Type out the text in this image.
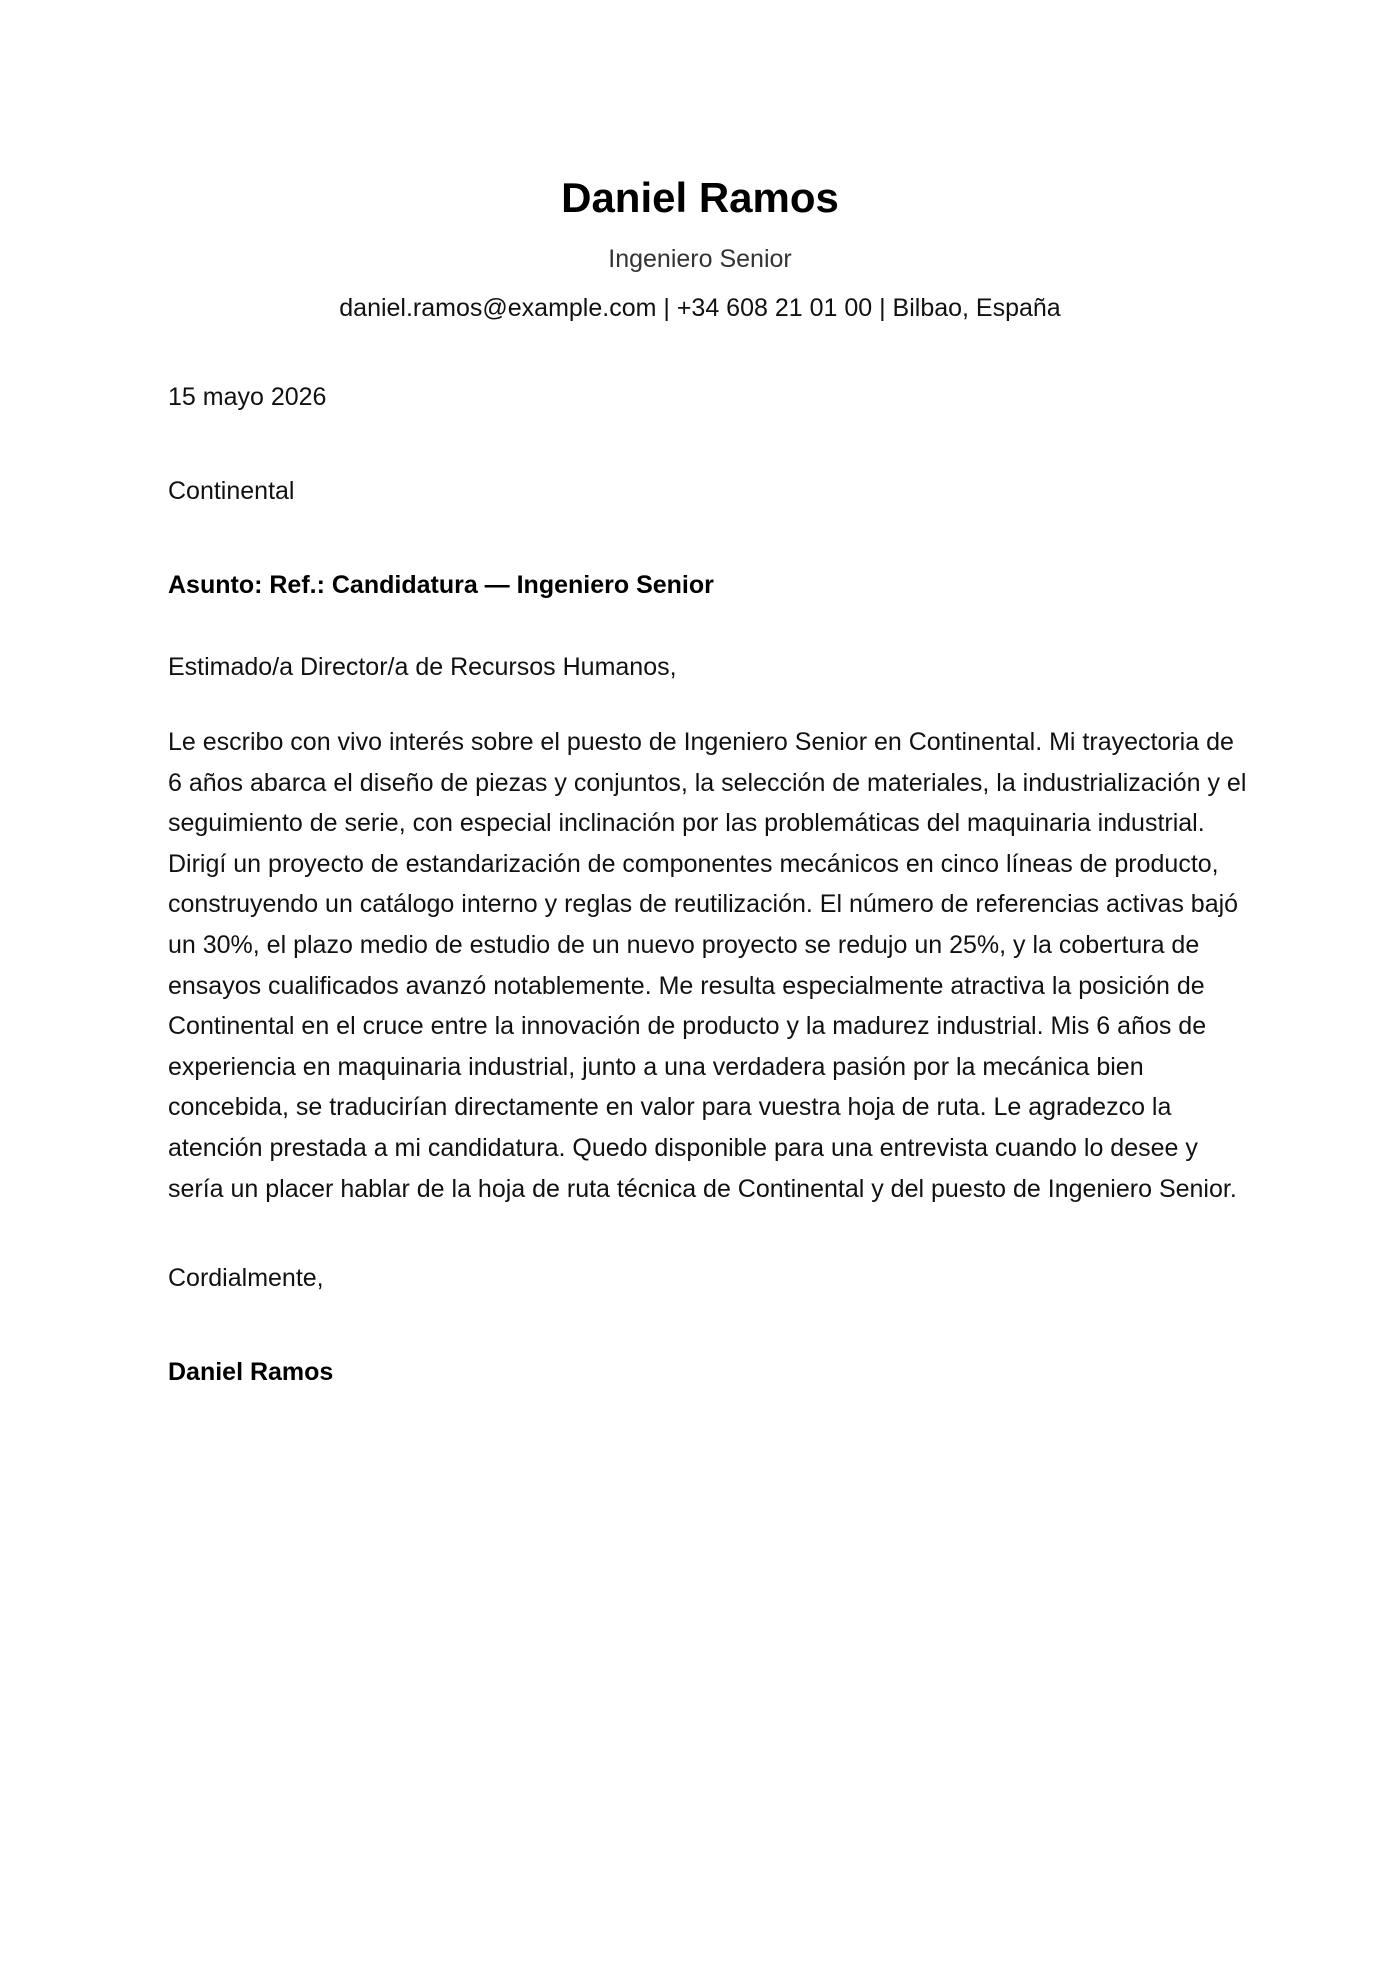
Daniel Ramos
Ingeniero Senior
daniel.ramos@example.com | +34 608 21 01 00 | Bilbao, España
15 mayo 2026
Continental
Asunto: Ref.: Candidatura — Ingeniero Senior
Estimado/a Director/a de Recursos Humanos,
Le escribo con vivo interés sobre el puesto de Ingeniero Senior en Continental. Mi trayectoria de 6 años abarca el diseño de piezas y conjuntos, la selección de materiales, la industrialización y el seguimiento de serie, con especial inclinación por las problemáticas del maquinaria industrial. Dirigí un proyecto de estandarización de componentes mecánicos en cinco líneas de producto, construyendo un catálogo interno y reglas de reutilización. El número de referencias activas bajó un 30%, el plazo medio de estudio de un nuevo proyecto se redujo un 25%, y la cobertura de ensayos cualificados avanzó notablemente. Me resulta especialmente atractiva la posición de Continental en el cruce entre la innovación de producto y la madurez industrial. Mis 6 años de experiencia en maquinaria industrial, junto a una verdadera pasión por la mecánica bien concebida, se traducirían directamente en valor para vuestra hoja de ruta. Le agradezco la atención prestada a mi candidatura. Quedo disponible para una entrevista cuando lo desee y sería un placer hablar de la hoja de ruta técnica de Continental y del puesto de Ingeniero Senior.
Cordialmente,
Daniel Ramos
